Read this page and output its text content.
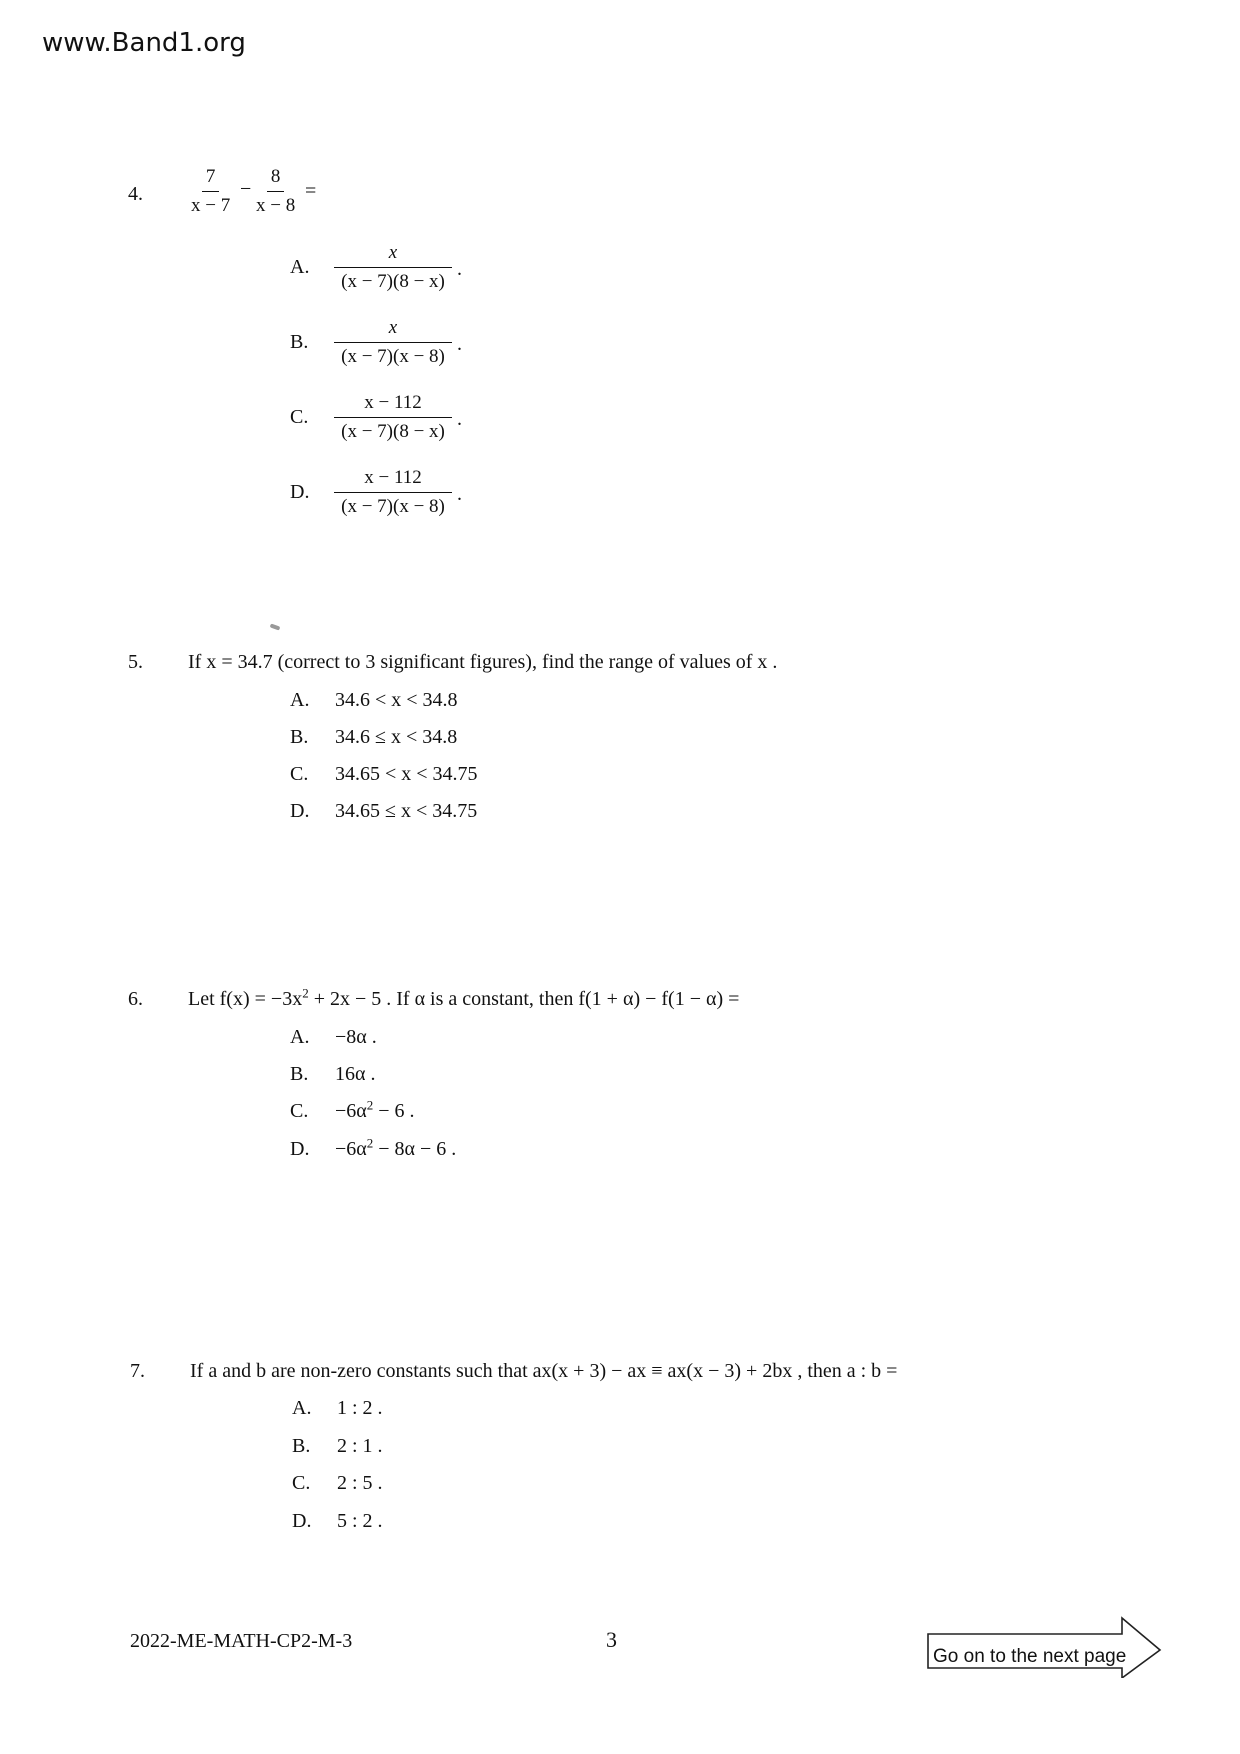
www.Band1.org
4. $\frac{7}{x - 7} - \frac{8}{x - 8}$ =
A. $\frac{x}{(x - 7)(8 - x)}$ .
B. $\frac{x}{(x - 7)(x - 8)}$ .
C. $\frac{x - 112}{(x - 7)(8 - x)}$ .
D. $\frac{x - 112}{(x - 7)(x - 8)}$ .
5. If x = 34.7 (correct to 3 significant figures), find the range of values of x .
A. 34.6 < x < 34.8
B. 34.6 ≤ x < 34.8
C. 34.65 < x < 34.75
D. 34.65 ≤ x < 34.75
6. Let $f(x) = -3x^2 + 2x - 5$ . If α is a constant, then f(1 + α) − f(1 − α) =
A. −8α .
B. 16α .
C. $-6\alpha^2 - 6$ .
D. $-6\alpha^2 - 8\alpha - 6$ .
7. If a and b are non-zero constants such that ax(x + 3) − ax ≡ ax(x − 3) + 2bx , then a : b =
A. 1 : 2 .
B. 2 : 1 .
C. 2 : 5 .
D. 5 : 2 .
2022-ME-MATH-CP2-M-3	3
Go on to the next page
